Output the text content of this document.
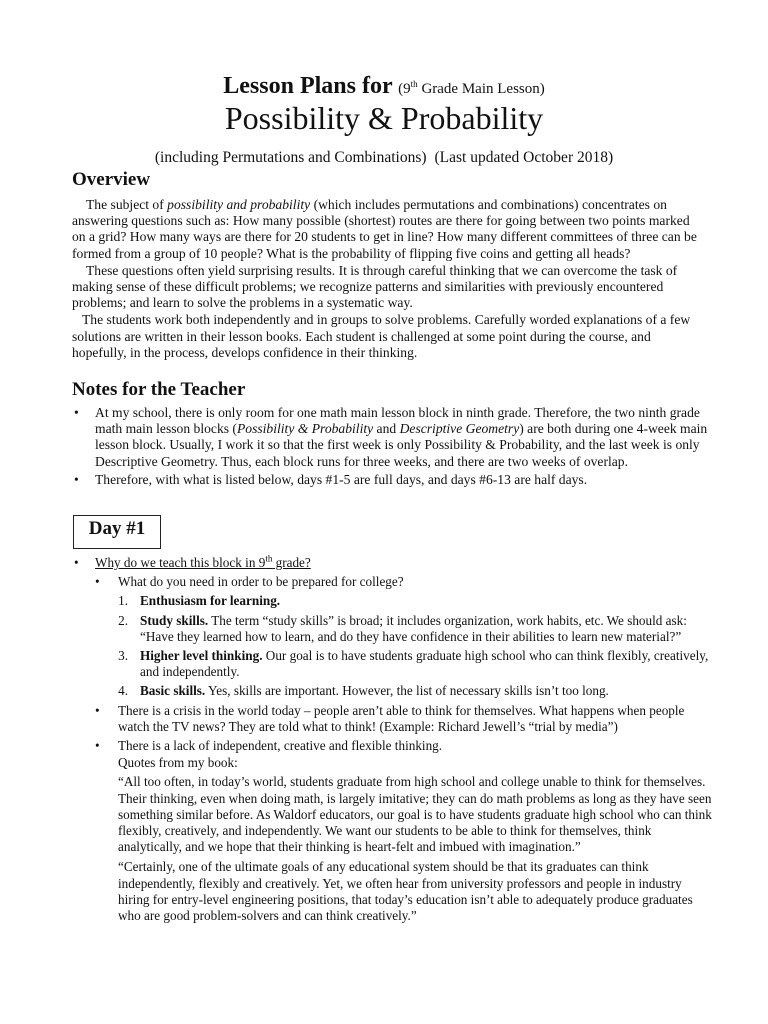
Lesson Plans for (9th Grade Main Lesson)
Possibility & Probability
(including Permutations and Combinations) (Last updated October 2018)
Overview

The subject of possibility and probability (which includes permutations and combinations) concentrates on answering questions such as: How many possible (shortest) routes are there for going between two points marked on a grid? How many ways are there for 20 students to get in line? How many different committees of three can be formed from a group of 10 people? What is the probability of flipping five coins and getting all heads?

These questions often yield surprising results. It is through careful thinking that we can overcome the task of making sense of these difficult problems; we recognize patterns and similarities with previously encountered problems; and learn to solve the problems in a systematic way.

The students work both independently and in groups to solve problems. Carefully worded explanations of a few solutions are written in their lesson books. Each student is challenged at some point during the course, and hopefully, in the process, develops confidence in their thinking.

Notes for the Teacher
• At my school, there is only room for one math main lesson block in ninth grade. Therefore, the two ninth grade math main lesson blocks (Possibility & Probability and Descriptive Geometry) are both during one 4-week main lesson block. Usually, I work it so that the first week is only Possibility & Probability, and the last week is only Descriptive Geometry. Thus, each block runs for three weeks, and there are two weeks of overlap.
• Therefore, with what is listed below, days #1-5 are full days, and days #6-13 are half days.
Day #1
• Why do we teach this block in 9th grade?
• What do you need in order to be prepared for college?
1. Enthusiasm for learning.
2. Study skills. The term “study skills” is broad; it includes organization, work habits, etc. We should ask: “Have they learned how to learn, and do they have confidence in their abilities to learn new material?”
3. Higher level thinking. Our goal is to have students graduate high school who can think flexibly, creatively, and independently.
4. Basic skills. Yes, skills are important. However, the list of necessary skills isn’t too long.
• There is a crisis in the world today – people aren’t able to think for themselves. What happens when people watch the TV news? They are told what to think! (Example: Richard Jewell’s “trial by media”)
• There is a lack of independent, creative and flexible thinking.
Quotes from my book:
“All too often, in today’s world, students graduate from high school and college unable to think for themselves. Their thinking, even when doing math, is largely imitative; they can do math problems as long as they have seen something similar before. As Waldorf educators, our goal is to have students graduate high school who can think flexibly, creatively, and independently. We want our students to be able to think for themselves, think analytically, and we hope that their thinking is heart-felt and imbued with imagination.”
“Certainly, one of the ultimate goals of any educational system should be that its graduates can think independently, flexibly and creatively. Yet, we often hear from university professors and people in industry hiring for entry-level engineering positions, that today’s education isn’t able to adequately produce graduates who are good problem-solvers and can think creatively.”
